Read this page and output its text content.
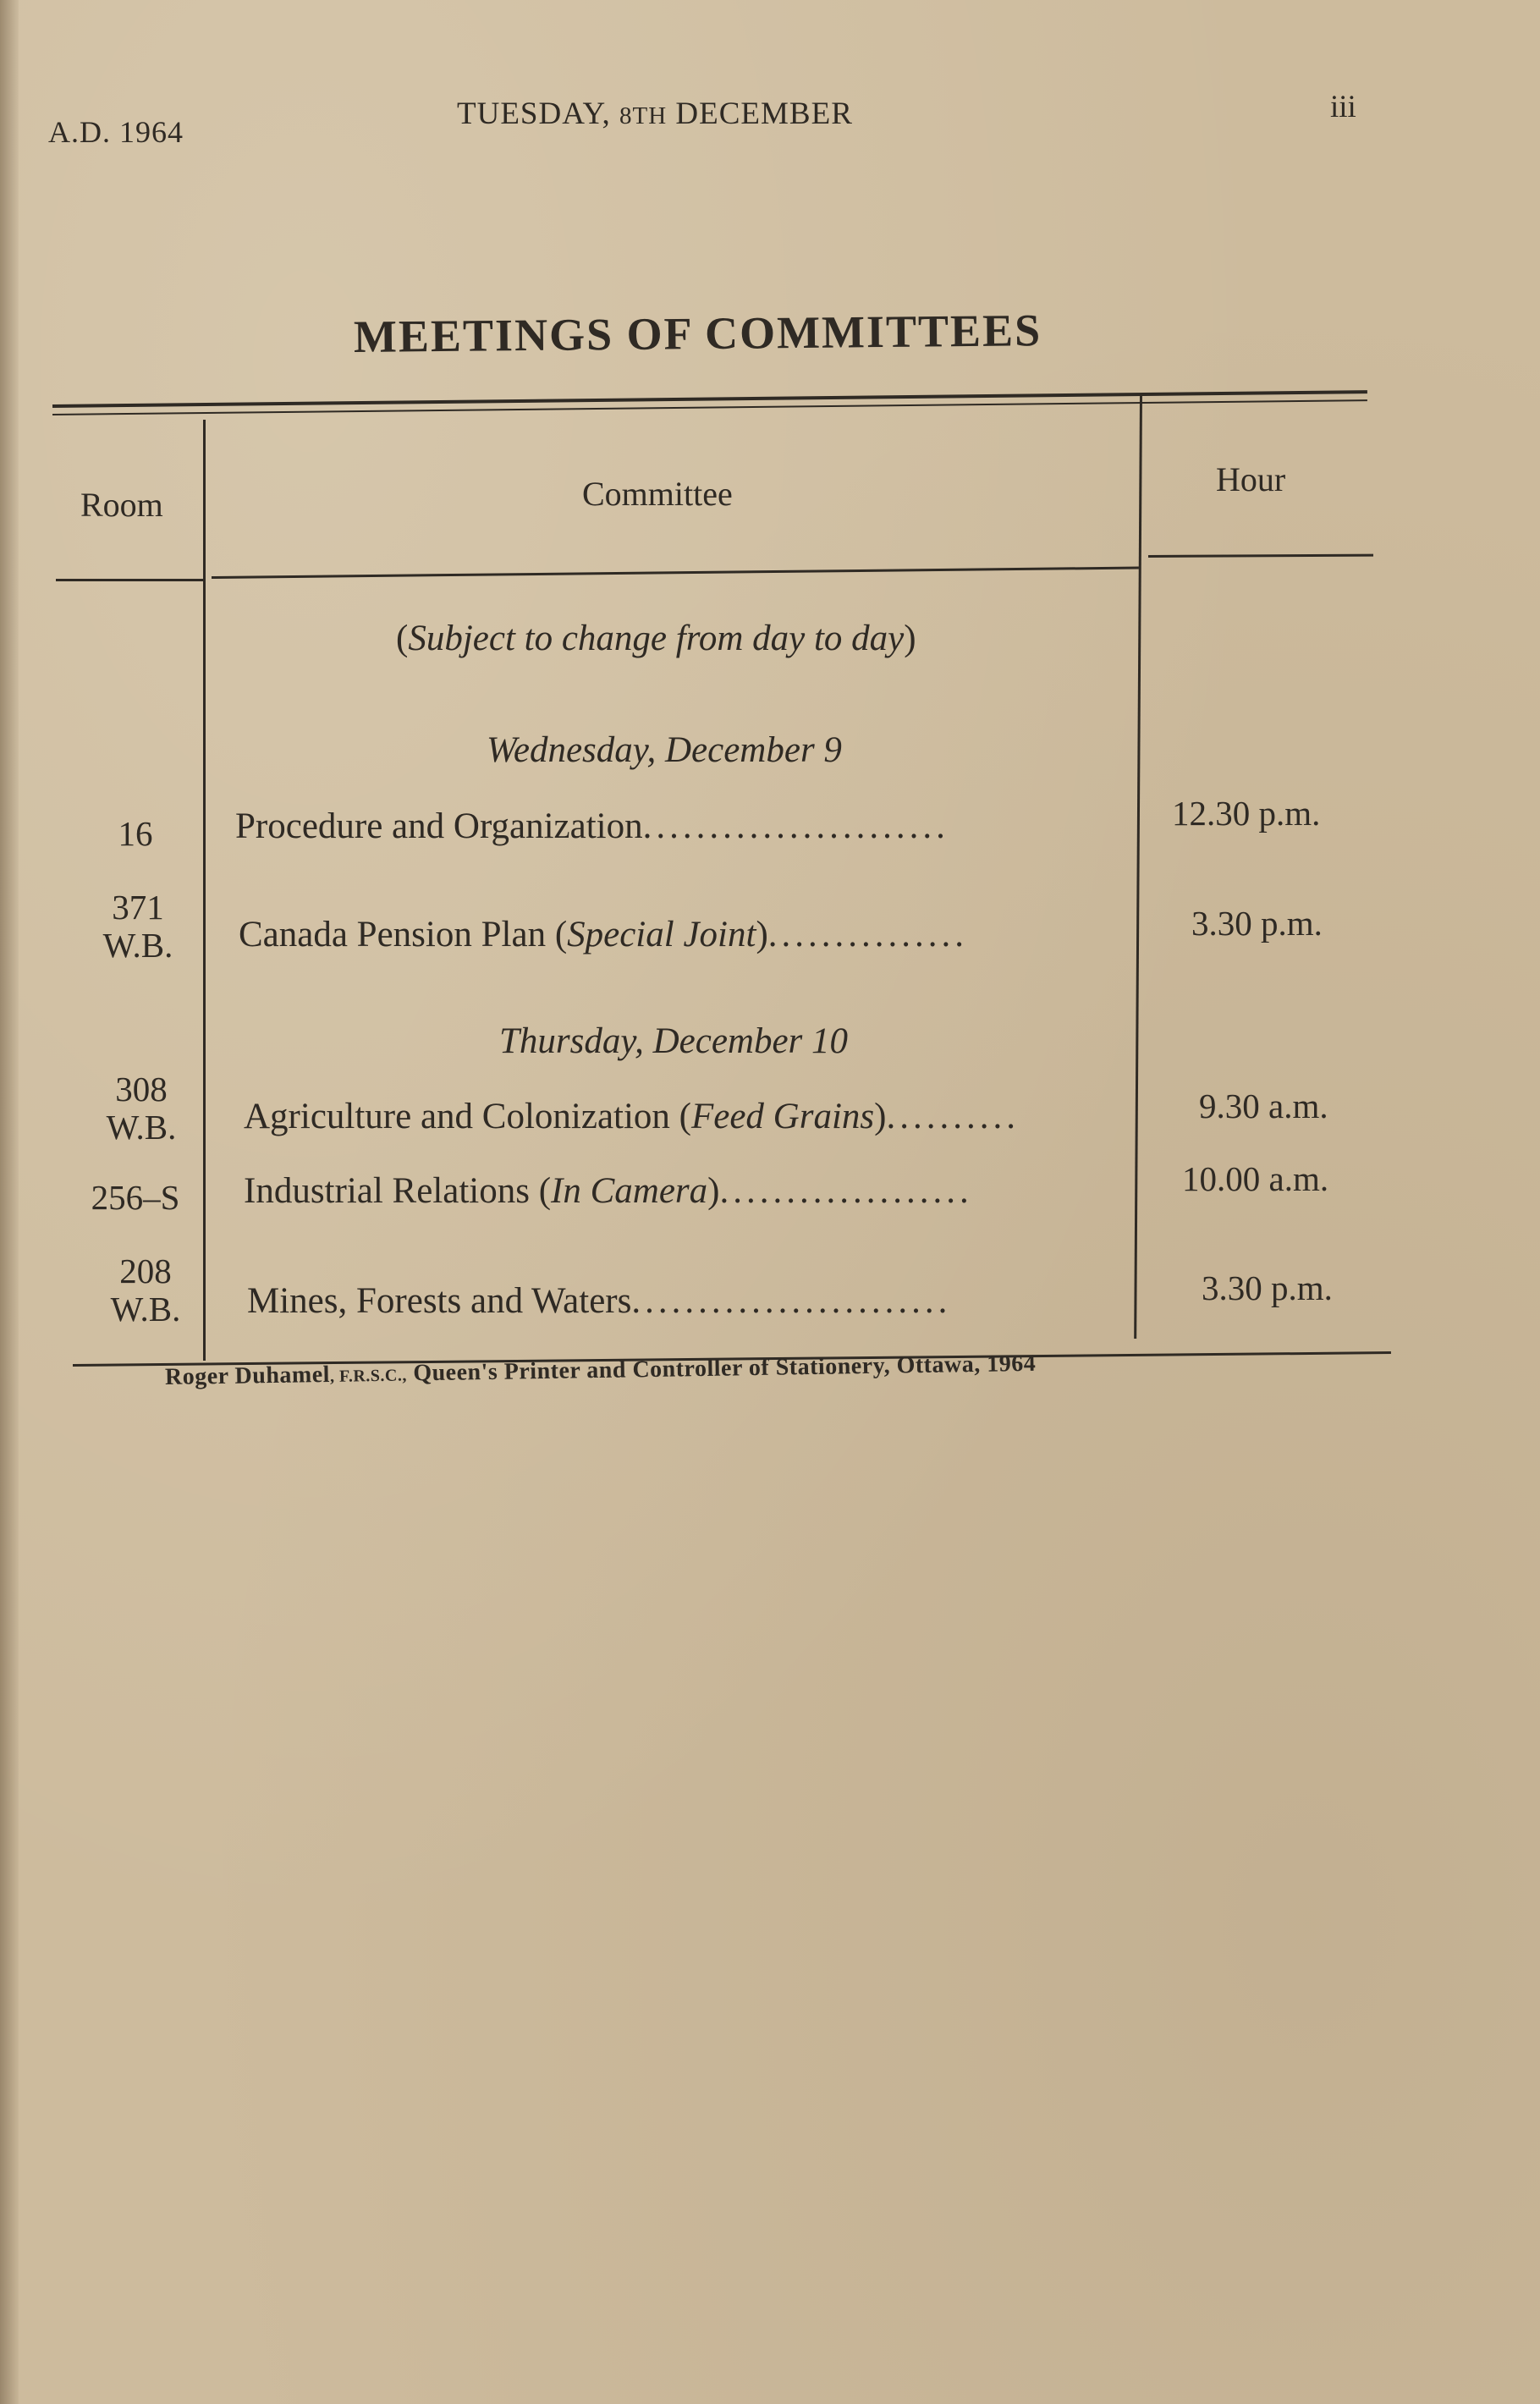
A.D. 1964
TUESDAY, 8TH DECEMBER	iii
MEETINGS OF COMMITTEES
Room	Committee	Hour
(Subject to change from day to day)
Wednesday, December 9
16	Procedure and Organization.......................	12.30 p.m.
371 W.B.	Canada Pension Plan (Special Joint)...............	3.30 p.m.
Thursday, December 10
308 W.B.	Agriculture and Colonization (Feed Grains)..........	9.30 a.m.
256–S	Industrial Relations (In Camera)...................	10.00 a.m.
208 W.B.	Mines, Forests and Waters........................	3.30 p.m.
Roger Duhamel, F.R.S.C., Queen's Printer and Controller of Stationery, Ottawa, 1964
